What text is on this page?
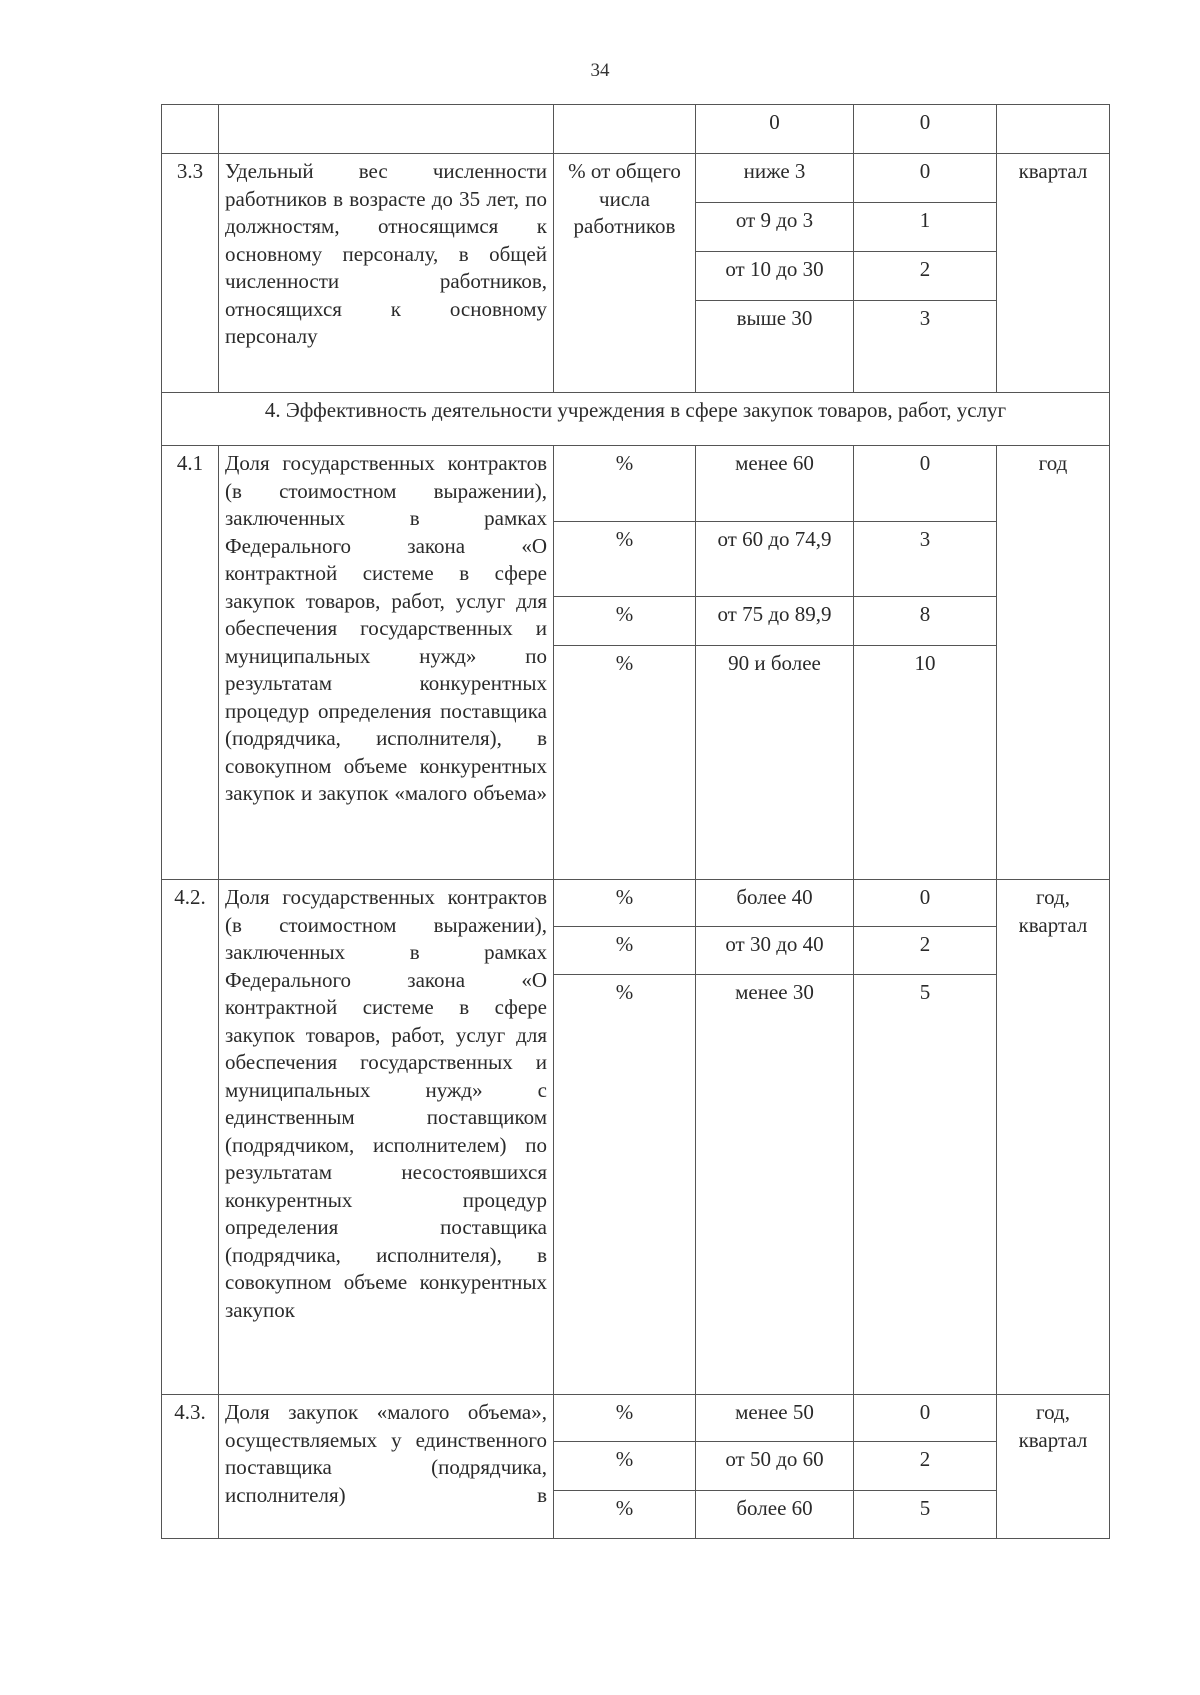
34
			0	0	
3.3	Удельный вес численности работников в возрасте до 35 лет, по должностям, относящимся к основному персоналу, в общей численности работников, относящихся к основному персоналу	% от общего числа работников	ниже 3	0	квартал
			от 9 до 3	1	
			от 10 до 30	2	
			выше 30	3	
4. Эффективность деятельности учреждения в сфере закупок товаров, работ, услуг					
4.1	Доля государственных контрактов (в стоимостном выражении), заключенных в рамках Федерального закона «О контрактной системе в сфере закупок товаров, работ, услуг для обеспечения государственных и муниципальных нужд» по результатам конкурентных процедур определения поставщика (подрядчика, исполнителя), в совокупном объеме конкурентных закупок и закупок «малого объема»	%	менее 60	0	год
		%	от 60 до 74,9	3	
		%	от 75 до 89,9	8	
		%	90 и более	10	
4.2.	Доля государственных контрактов (в стоимостном выражении), заключенных в рамках Федерального закона «О контрактной системе в сфере закупок товаров, работ, услуг для обеспечения государственных и муниципальных нужд» с единственным поставщиком (подрядчиком, исполнителем) по результатам несостоявшихся конкурентных процедур определения поставщика (подрядчика, исполнителя), в совокупном объеме конкурентных закупок	%	более 40	0	год, квартал
		%	от 30 до 40	2	
		%	менее 30	5	
4.3.	Доля закупок «малого объема», осуществляемых у единственного поставщика (подрядчика, исполнителя) в	%	менее 50	0	год, квартал
		%	от 50 до 60	2	
		%	более 60	5	
